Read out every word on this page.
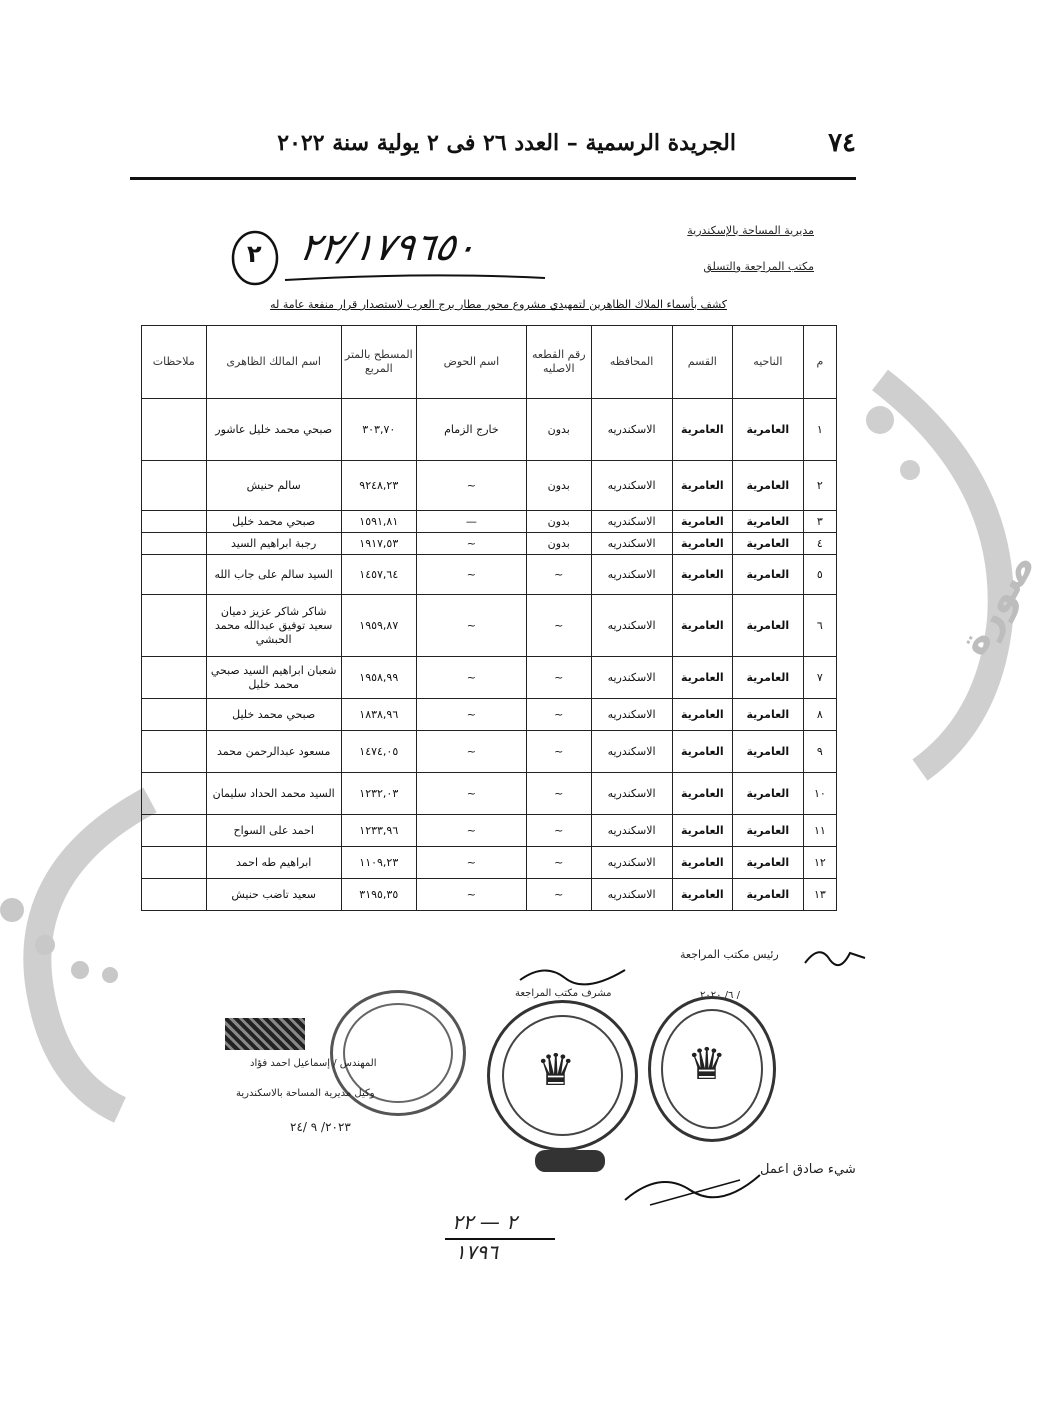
٧٤
الجريدة الرسمية – العدد ٢٦ فى ٢ يولية سنة ٢٠٢٢
صورة
مديرية المساحة بالإسكندرية
مكتب المراجعة والتسلق
٢٢/١٧٩٦٥٠
٢
كشف بأسماء الملاك الظاهرين لتمهيدي مشروع محور مطار برج العرب لاستصدار قرار منفعة عامة له
م	الناحيه	القسم	المحافظه	رقم القطعه الاصليه	اسم الحوض	المسطح بالمتر المربع	اسم المالك الظاهرى	ملاحظات
١	العامرية	العامرية	الاسكندريه	بدون	خارج الزمام	٣٠٣,٧٠	صبحي محمد خليل عاشور	
٢	العامرية	العامرية	الاسكندريه	بدون	~	٩٢٤٨,٢٣	سالم حنيش	
٣	العامرية	العامرية	الاسكندريه	بدون	—	١٥٩١,٨١	صبحي محمد خليل	
٤	العامرية	العامرية	الاسكندريه	بدون	~	١٩١٧,٥٣	رجبة ابراهيم السيد	
٥	العامرية	العامرية	الاسكندريه	~	~	١٤٥٧,٦٤	السيد سالم على جاب الله	
٦	العامرية	العامرية	الاسكندريه	~	~	١٩٥٩,٨٧	شاكر شاكر عزيز دميان سعيد توفيق عبدالله محمد الحبشي	
٧	العامرية	العامرية	الاسكندريه	~	~	١٩٥٨,٩٩	شعبان ابراهيم السيد صبحي محمد خليل	
٨	العامرية	العامرية	الاسكندريه	~	~	١٨٣٨,٩٦	صبحي محمد خليل	
٩	العامرية	العامرية	الاسكندريه	~	~	١٤٧٤,٠٥	مسعود عبدالرحمن محمد	
١٠	العامرية	العامرية	الاسكندريه	~	~	١٢٣٢,٠٣	السيد محمد الحداد سليمان	
١١	العامرية	العامرية	الاسكندريه	~	~	١٢٣٣,٩٦	احمد على السواح	
١٢	العامرية	العامرية	الاسكندريه	~	~	١١٠٩,٢٣	ابراهيم طه احمد	
١٣	العامرية	العامرية	الاسكندريه	~	~	٣١٩٥,٣٥	سعيد تاضب حنيش	
رئيس مكتب المراجعة
/ ٦/ ٢٠٢٠
مشرف مكتب المراجعة
♛
♛
المهندس / إسماعيل احمد فؤاد
وكيل مديرية المساحة بالاسكندرية
٢٠٢٣/ ٩ /٢٤
شيء صادق اعمل
٢ — ٢٢
١٧٩٦
